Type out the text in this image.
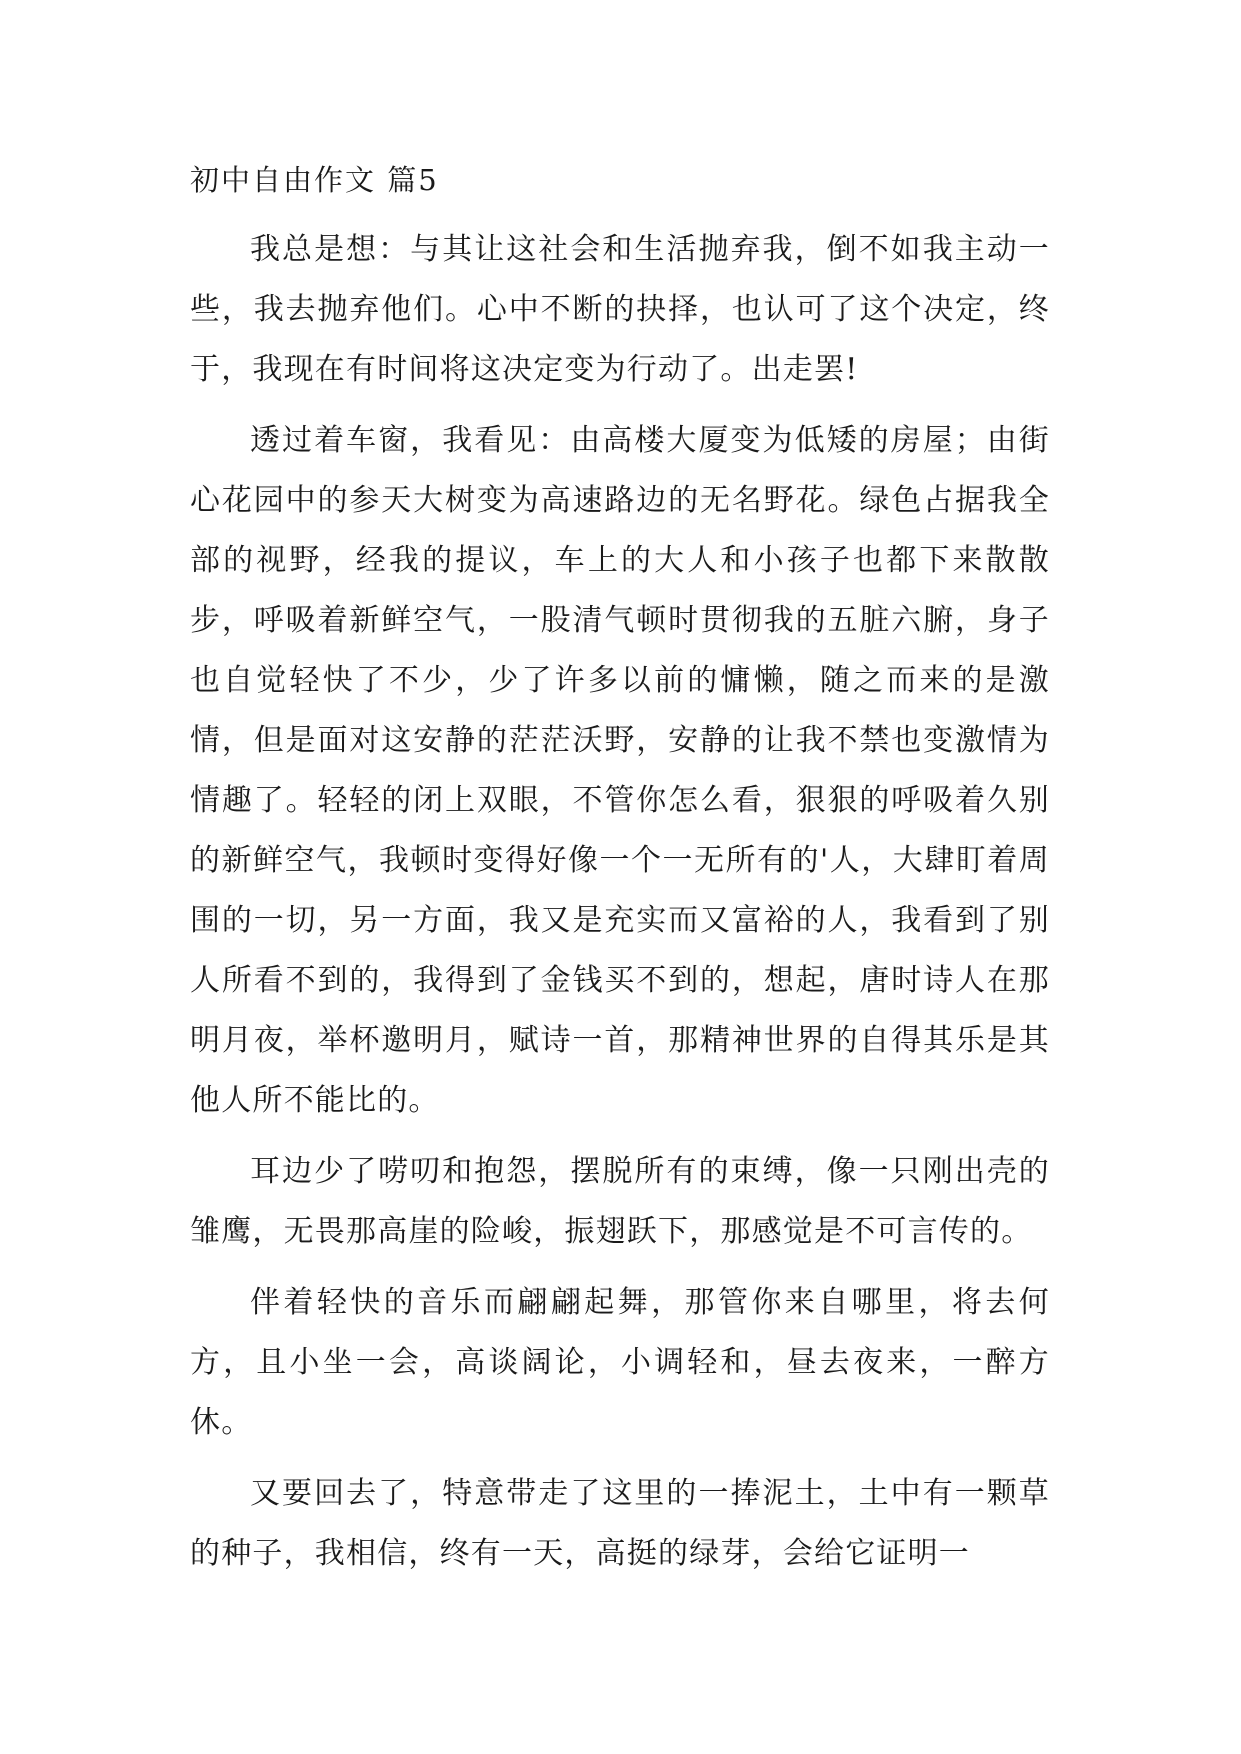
初中自由作文 篇5

我总是想：与其让这社会和生活抛弃我，倒不如我主动一些，我去抛弃他们。心中不断的抉择，也认可了这个决定，终于，我现在有时间将这决定变为行动了。出走罢!

透过着车窗，我看见：由高楼大厦变为低矮的房屋；由街心花园中的参天大树变为高速路边的无名野花。绿色占据我全部的视野，经我的提议，车上的大人和小孩子也都下来散散步，呼吸着新鲜空气，一股清气顿时贯彻我的五脏六腑，身子也自觉轻快了不少，少了许多以前的慵懒，随之而来的是激情，但是面对这安静的茫茫沃野，安静的让我不禁也变激情为情趣了。轻轻的闭上双眼，不管你怎么看，狠狠的呼吸着久别的新鲜空气，我顿时变得好像一个一无所有的'人，大肆盯着周围的一切，另一方面，我又是充实而又富裕的人，我看到了别人所看不到的，我得到了金钱买不到的，想起，唐时诗人在那明月夜，举杯邀明月，赋诗一首，那精神世界的自得其乐是其他人所不能比的。

耳边少了唠叨和抱怨，摆脱所有的束缚，像一只刚出壳的雏鹰，无畏那高崖的险峻，振翅跃下，那感觉是不可言传的。

伴着轻快的音乐而翩翩起舞，那管你来自哪里，将去何方，且小坐一会，高谈阔论，小调轻和，昼去夜来，一醉方休。

又要回去了，特意带走了这里的一捧泥土，土中有一颗草的种子，我相信，终有一天，高挺的绿芽，会给它证明一
